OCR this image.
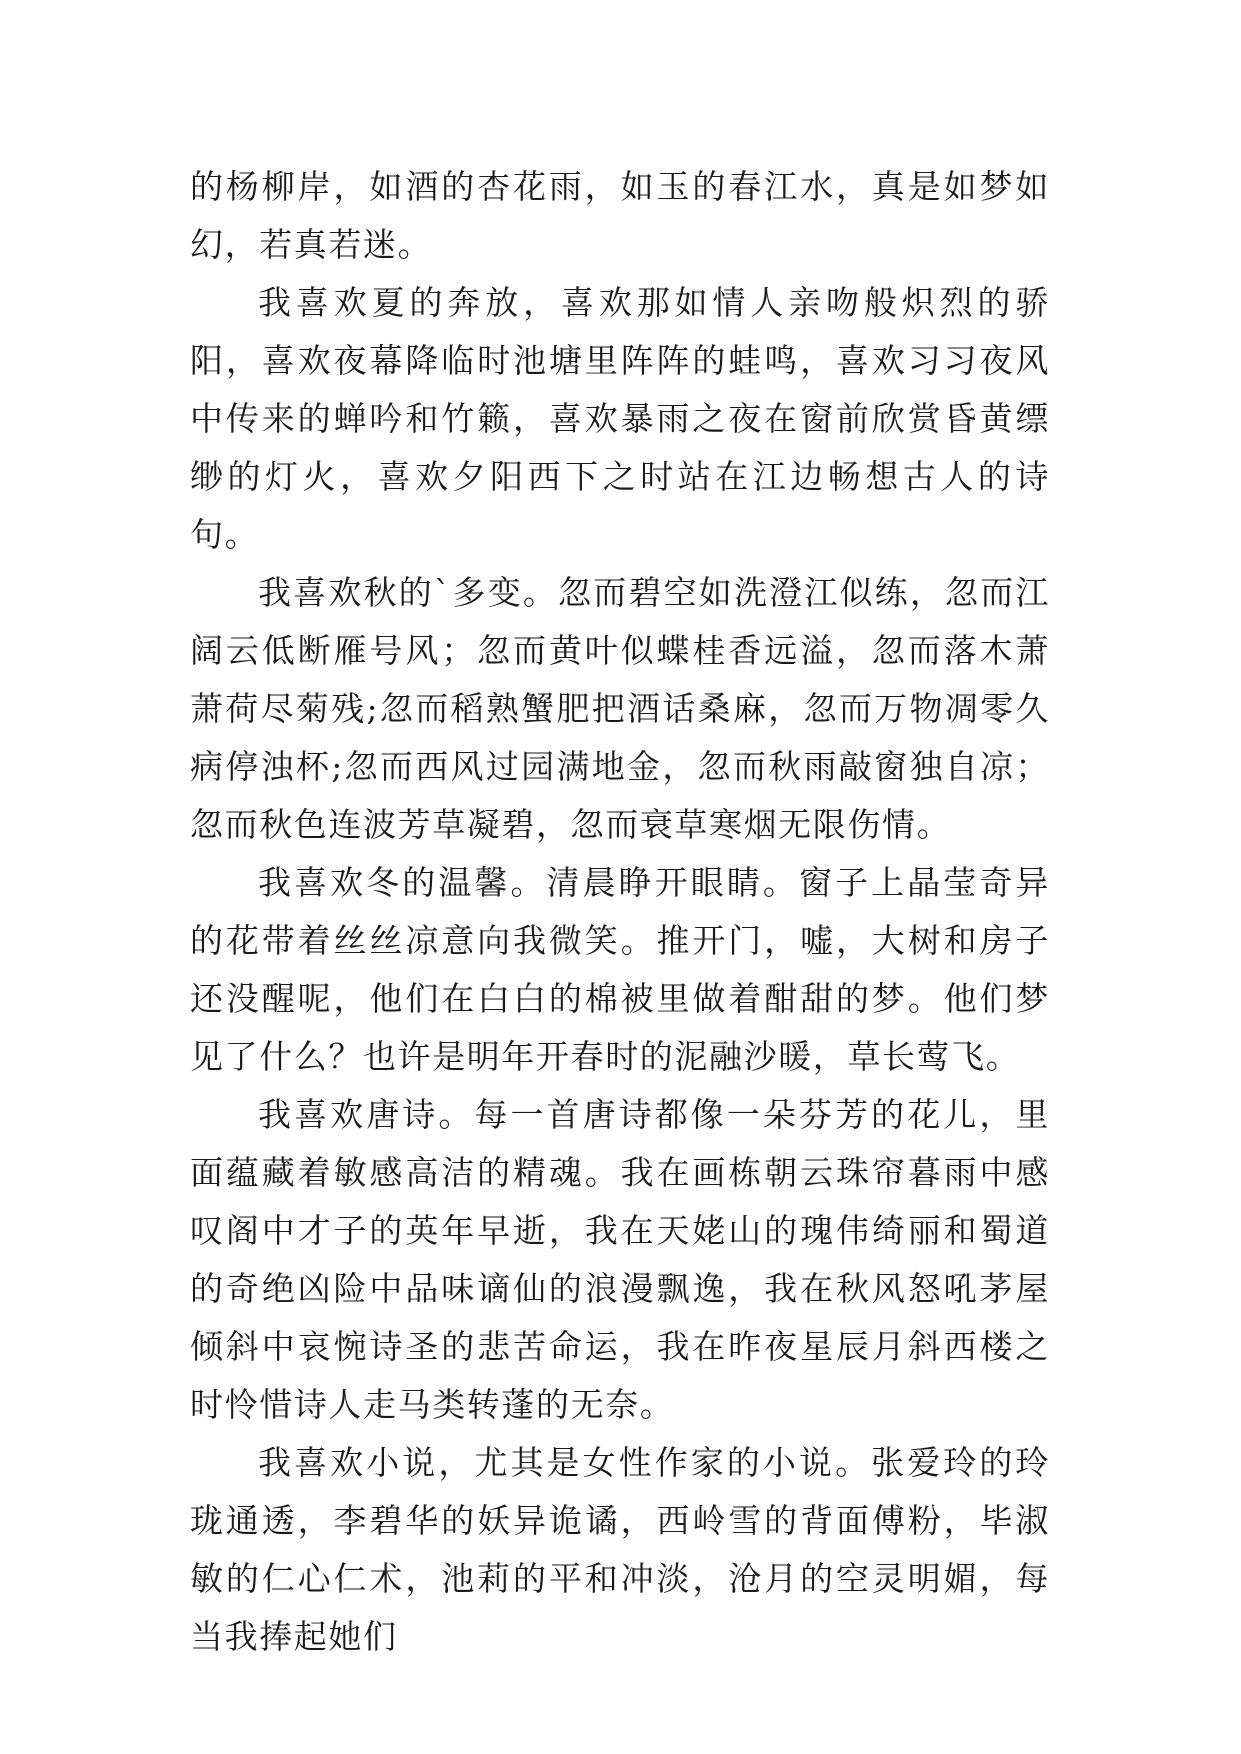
的杨柳岸，如酒的杏花雨，如玉的春江水，真是如梦如幻，若真若迷。

我喜欢夏的奔放，喜欢那如情人亲吻般炽烈的骄阳，喜欢夜幕降临时池塘里阵阵的蛙鸣，喜欢习习夜风中传来的蝉吟和竹籁，喜欢暴雨之夜在窗前欣赏昏黄缥缈的灯火，喜欢夕阳西下之时站在江边畅想古人的诗句。

我喜欢秋的`多变。忽而碧空如洗澄江似练，忽而江阔云低断雁号风；忽而黄叶似蝶桂香远溢，忽而落木萧萧荷尽菊残;忽而稻熟蟹肥把酒话桑麻，忽而万物凋零久病停浊杯;忽而西风过园满地金，忽而秋雨敲窗独自凉；忽而秋色连波芳草凝碧，忽而衰草寒烟无限伤情。

我喜欢冬的温馨。清晨睁开眼睛。窗子上晶莹奇异的花带着丝丝凉意向我微笑。推开门，嘘，大树和房子还没醒呢，他们在白白的棉被里做着酣甜的梦。他们梦见了什么？也许是明年开春时的泥融沙暖，草长莺飞。

我喜欢唐诗。每一首唐诗都像一朵芬芳的花儿，里面蕴藏着敏感高洁的精魂。我在画栋朝云珠帘暮雨中感叹阁中才子的英年早逝，我在天姥山的瑰伟绮丽和蜀道的奇绝凶险中品味谪仙的浪漫飘逸，我在秋风怒吼茅屋倾斜中哀惋诗圣的悲苦命运，我在昨夜星辰月斜西楼之时怜惜诗人走马类转蓬的无奈。

我喜欢小说，尤其是女性作家的小说。张爱玲的玲珑通透，李碧华的妖异诡谲，西岭雪的背面傅粉，毕淑敏的仁心仁术，池莉的平和冲淡，沧月的空灵明媚，每当我捧起她们
